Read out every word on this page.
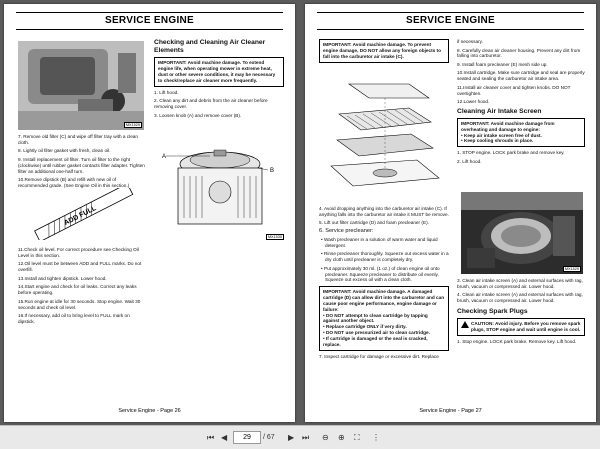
SERVICE ENGINE
MX1529

7. Remove old filter (C) and wipe off filter tray with a clean cloth.

8. Lightly oil filter gasket with fresh, clean oil.

9. Install replacement oil filter. Turn oil filter to the right (clockwise) until rubber gasket contacts filter adapter. Tighten filter an additional one-half turn.

10.Remove dipstick (B) and refill with new oil of recommended grade. (See Engine Oil in this section.)

ADD FULL

11.Check oil level. For correct procedure see Checking Oil Level in this section.

12.Oil level must be between ADD and FULL marks. Do not overfill.

13.Install and tighten dipstick. Lower hood.

14.Start engine and check for oil leaks. Correct any leaks before operating.

15.Run engine at idle for 30 seconds. Stop engine. Wait 30 seconds and check oil level.

16.If necessary, add oil to bring level to FULL mark on dipstick.

Checking and Cleaning Air Cleaner Elements

IMPORTANT: Avoid machine damage. To extend engine life, when operating mower in extreme heat, dust or other severe conditions, it may be necessary to check/replace air cleaner more frequently.

1. Lift hood.

2. Clean any dirt and debris from the air cleaner before removing cover.

3. Loosen knob (A) and remove cover (B).

A
B
MX1530
Service Engine - Page 26
SERVICE ENGINE
IMPORTANT: Avoid machine damage. To prevent engine damage, DO NOT allow any foreign objects to fall into the carburetor air intake (C).

4. Avoid dropping anything into the carburetor air intake (C). If anything falls into the carburetor air intake it MUST be remove.

5. Lift out filter cartridge (D) and foam precleaner (E).

6. Service precleaner:

• Wash precleaner in a solution of warm water and liquid detergent.

• Rinse precleaner thoroughly. Squeeze out excess water in a dry cloth until precleaner is completely dry.

• Put approximately 30 ml. (1 oz.) of clean engine oil onto precleaner. Squeeze precleaner to distribute oil evenly. Squeeze out excess oil with a clean cloth.

IMPORTANT: Avoid machine damage. A damaged cartridge (D) can allow dirt into the carburetor and can cause poor engine performance, engine damage or failure:
• DO NOT attempt to clean cartridge by tapping against another object.
• Replace cartridge ONLY if very dirty.
• DO NOT use pressurized air to clean cartridge.
• If cartridge is damaged or the seal is cracked, replace.

7. Inspect cartridge for damage or excessive dirt. Replace

if necessary.

8. Carefully clean air cleaner housing. Prevent any dirt from falling into carburetor.

9. Install foam precleaner (E) mesh side up.

10.Install cartridge. Make sure cartridge and seal are properly seated and sealing the carburetor air intake area.

11.Install air cleaner cover and tighten knobs. DO NOT overtighten.

12.Lower hood.

Cleaning Air Intake Screen

IMPORTANT: Avoid machine damage from overheating and damage to engine:
• Keep air intake screen free of dust.
• Keep cooling shrouds in place.

1. STOP engine. LOCK park brake and remove key.

2. Lift hood.

MX1529

3. Clean air intake screen (A) and external surfaces with rag, brush, vacuum or compressed air. Lower hood.

4. Clean air intake screen (A) and external surfaces with rag, brush, vacuum or compressed air. Lower hood.

Checking Spark Plugs

CAUTION: Avoid injury. Before you remove spark plugs, STOP engine and wait until engine is cool.

1. Stop engine. LOCK park brake. Remove key. Lift hood.

Service Engine - Page 27
⏮ ◀	29	/ 67 ▶ ⏭ ⊖ ⊕ ⛶ ⋮
